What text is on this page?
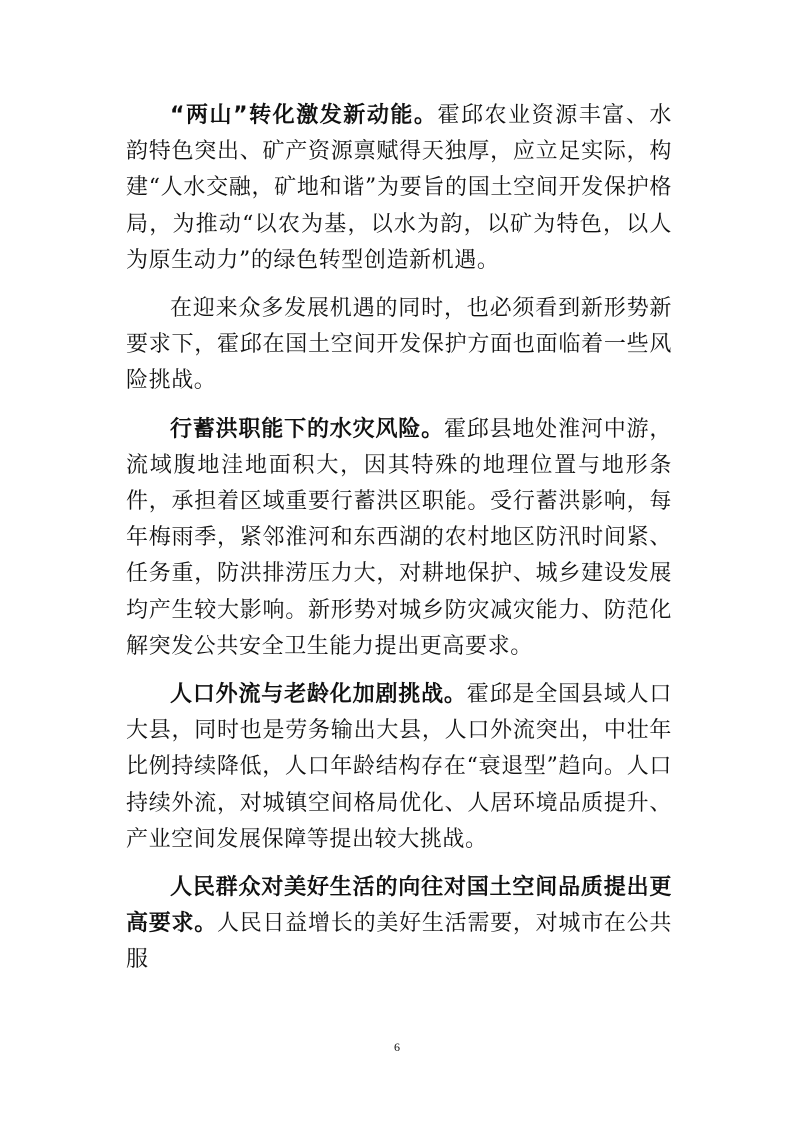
“两山”转化激发新动能。霍邱农业资源丰富、水韵特色突出、矿产资源禀赋得天独厚，应立足实际，构建“人水交融，矿地和谐”为要旨的国土空间开发保护格局，为推动“以农为基，以水为韵，以矿为特色，以人为原生动力”的绿色转型创造新机遇。

在迎来众多发展机遇的同时，也必须看到新形势新要求下，霍邱在国土空间开发保护方面也面临着一些风险挑战。

行蓄洪职能下的水灾风险。霍邱县地处淮河中游，流域腹地洼地面积大，因其特殊的地理位置与地形条件，承担着区域重要行蓄洪区职能。受行蓄洪影响，每年梅雨季，紧邻淮河和东西湖的农村地区防汛时间紧、任务重，防洪排涝压力大，对耕地保护、城乡建设发展均产生较大影响。新形势对城乡防灾减灾能力、防范化解突发公共安全卫生能力提出更高要求。

人口外流与老龄化加剧挑战。霍邱是全国县域人口大县，同时也是劳务输出大县，人口外流突出，中壮年比例持续降低，人口年龄结构存在“衰退型”趋向。人口持续外流，对城镇空间格局优化、人居环境品质提升、产业空间发展保障等提出较大挑战。

人民群众对美好生活的向往对国土空间品质提出更高要求。人民日益增长的美好生活需要，对城市在公共服

6
